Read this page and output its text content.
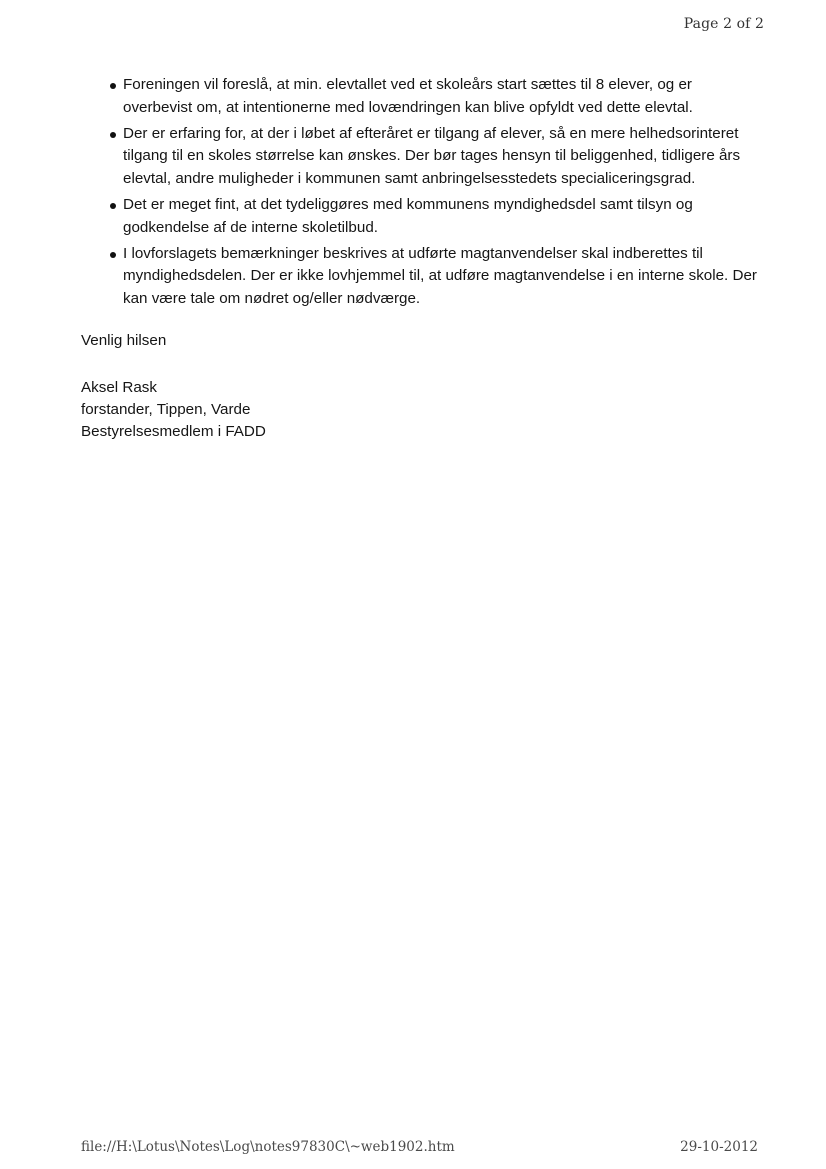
Page 2 of 2
Foreningen vil foreslå, at min. elevtallet ved et skoleårs start sættes til 8 elever, og er overbevist om, at intentionerne med lovændringen kan blive opfyldt ved dette elevtal.
Der er erfaring for, at der i løbet af efteråret er tilgang af elever, så en mere helhedsorinteret tilgang til en skoles størrelse kan ønskes. Der bør tages hensyn til beliggenhed, tidligere års elevtal, andre muligheder i kommunen samt anbringelsesstedets specialiceringsgrad.
Det er meget fint, at det tydeliggøres med kommunens myndighedsdel samt tilsyn og godkendelse af de interne skoletilbud.
I lovforslagets bemærkninger beskrives at udførte magtanvendelser skal indberettes til myndighedsdelen. Der er ikke lovhjemmel til, at udføre magtanvendelse i en interne skole. Der kan være tale om nødret og/eller nødværge.
Venlig hilsen
Aksel Rask
forstander, Tippen, Varde
Bestyrelsesmedlem i FADD
file://H:\Lotus\Notes\Log\notes97830C\~web1902.htm	29-10-2012
